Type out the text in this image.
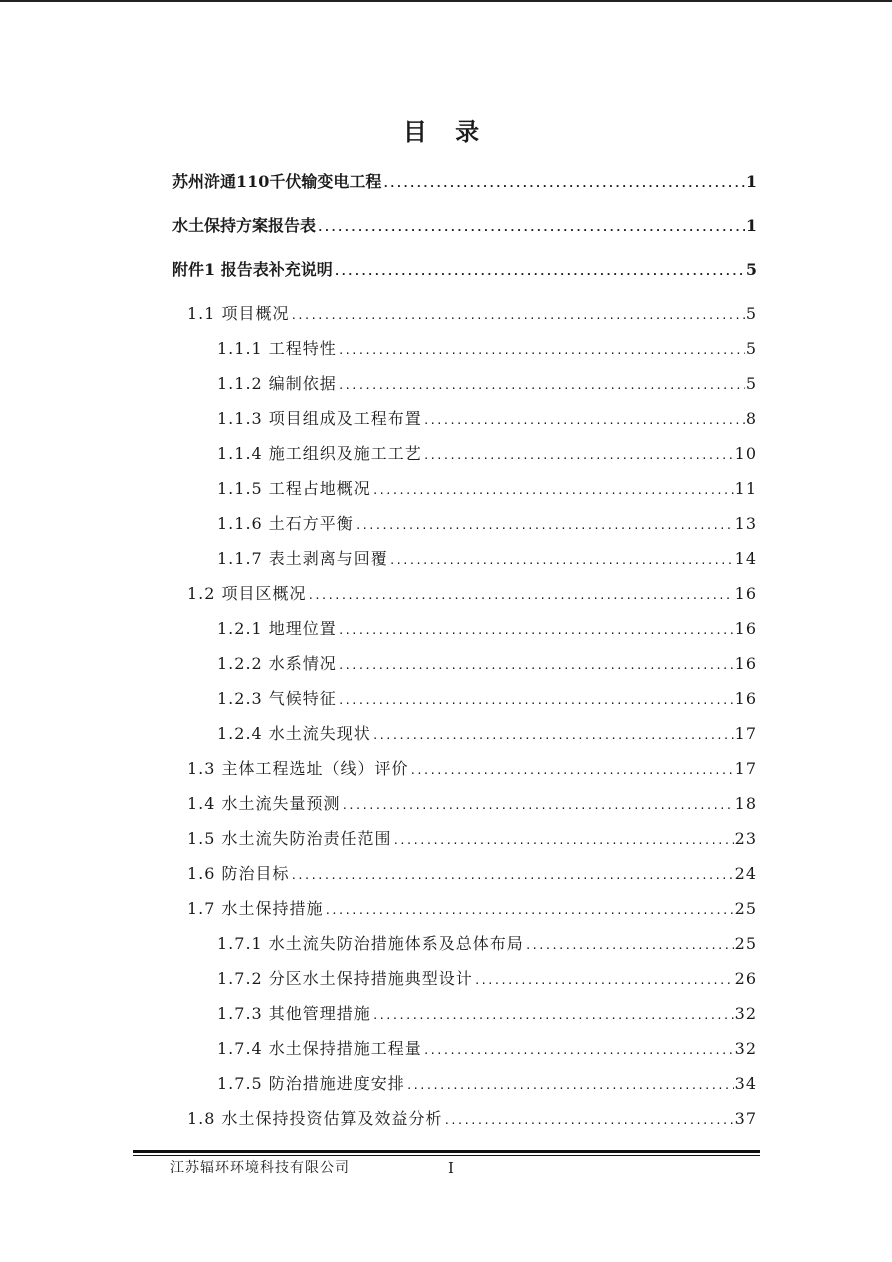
目 录
苏州浒通110千伏输变电工程 .....	1
水土保持方案报告表 .....	1
附件1 报告表补充说明 .....	5
1.1 项目概况 .....	5
1.1.1 工程特性 .....	5
1.1.2 编制依据 .....	5
1.1.3 项目组成及工程布置 .....	8
1.1.4 施工组织及施工工艺 .....	10
1.1.5 工程占地概况 .....	11
1.1.6 土石方平衡 .....	13
1.1.7 表土剥离与回覆 .....	14
1.2 项目区概况 .....	16
1.2.1 地理位置 .....	16
1.2.2 水系情况 .....	16
1.2.3 气候特征 .....	16
1.2.4 水土流失现状 .....	17
1.3 主体工程选址（线）评价 .....	17
1.4 水土流失量预测 .....	18
1.5 水土流失防治责任范围 .....	23
1.6 防治目标 .....	24
1.7 水土保持措施 .....	25
1.7.1 水土流失防治措施体系及总体布局 .....	25
1.7.2 分区水土保持措施典型设计 .....	26
1.7.3 其他管理措施 .....	32
1.7.4 水土保持措施工程量 .....	32
1.7.5 防治措施进度安排 .....	34
1.8 水土保持投资估算及效益分析 .....	37
江苏辐环环境科技有限公司	I
